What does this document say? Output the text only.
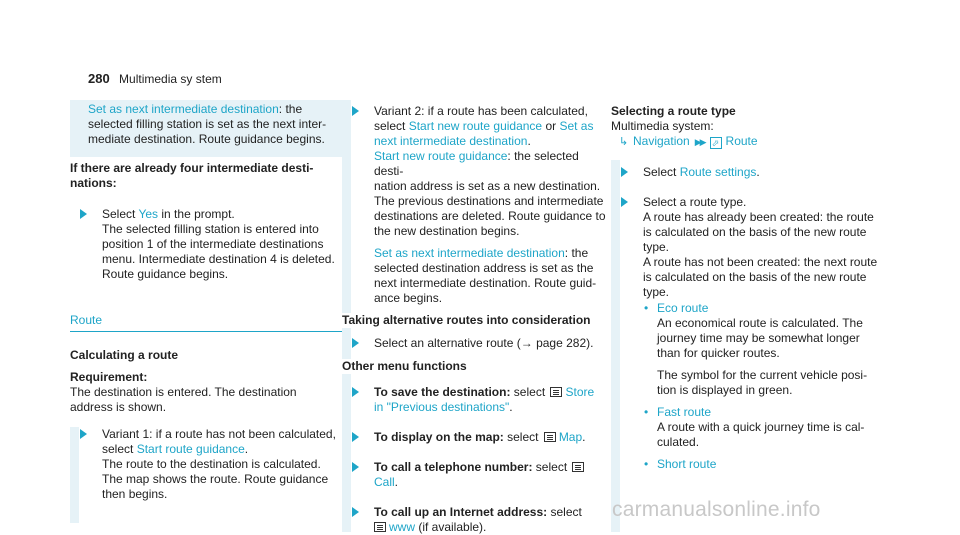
280 Multimedia sy stem

Set as next intermediate destination: the

selected filling station is set as the next inter‐

mediate destination. Route guidance begins.

If there are already four intermediate desti‐
nations:

Select Yes in the prompt.

The selected filling station is entered into

position 1 of the intermediate destinations

menu. Intermediate destination 4 is deleted.

Route guidance begins.

Route

Calculating a route

Requirement:

The destination is entered. The destination

address is shown.

Variant 1: if a route has not been calculated,

select Start route guidance.

The route to the destination is calculated.

The map shows the route. Route guidance

then begins.

Variant 2: if a route has been calculated,

select Start new route guidance or Set as

next intermediate destination.

Start new route guidance: the selected desti‐

nation address is set as a new destination.

The previous destinations and intermediate

destinations are deleted. Route guidance to

the new destination begins.

Set as next intermediate destination: the

selected destination address is set as the

next intermediate destination. Route guid‐

ance begins.

Taking alternative routes into consideration

Select an alternative route (→ page 282).

Other menu functions

To save the destination: select Store

in "Previous destinations".

To display on the map: select Map.

To call a telephone number: select

Call.

To call up an Internet address: select

www (if available).

Selecting a route type

Multimedia system:

↳ Navigation ▶▶ ⬀ Route

Select Route settings.

Select a route type.

A route has already been created: the route

is calculated on the basis of the new route

type.

A route has not been created: the next route

is calculated on the basis of the new route

type.

• Eco route

An economical route is calculated. The

journey time may be somewhat longer

than for quicker routes.

The symbol for the current vehicle posi‐

tion is displayed in green.

• Fast route

A route with a quick journey time is cal‐

culated.

• Short route

carmanualsonline.info
